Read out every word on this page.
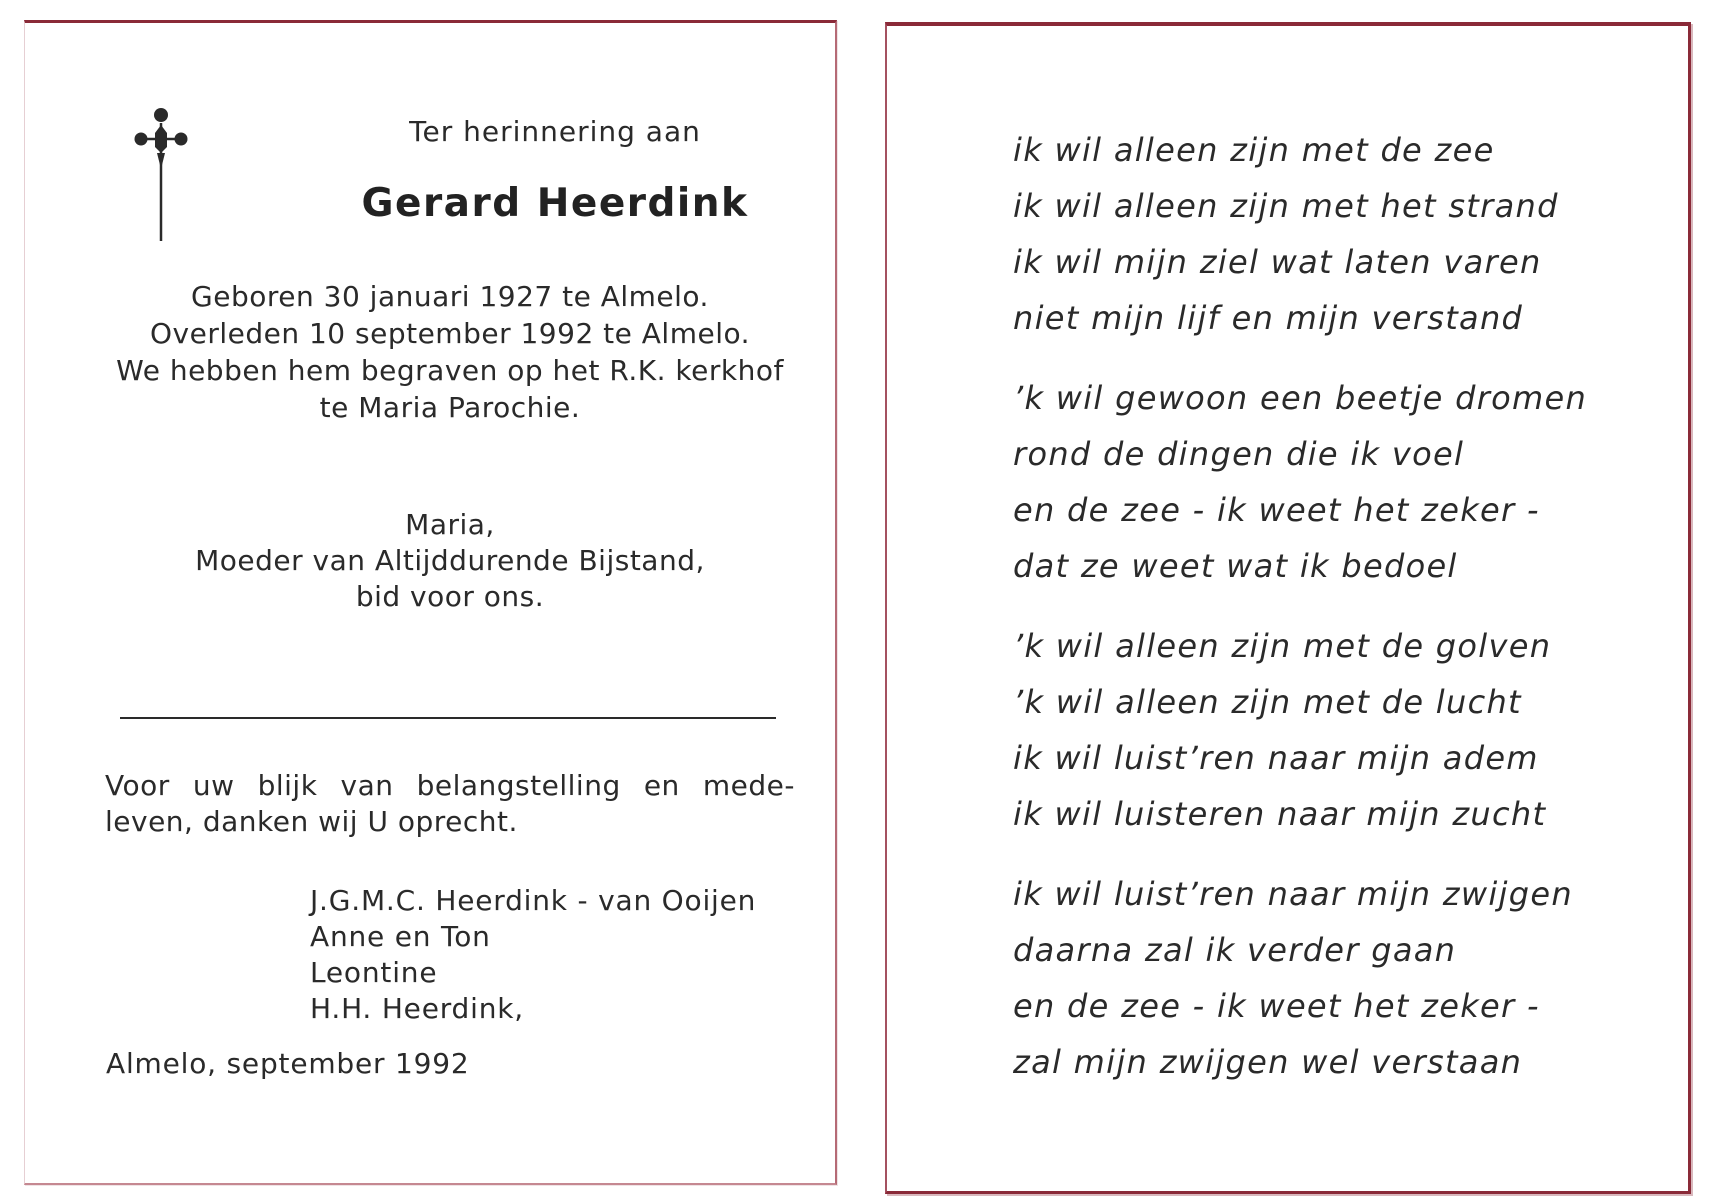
Ter herinnering aan
Gerard Heerdink
Geboren 30 januari 1927 te Almelo.
Overleden 10 september 1992 te Almelo.
We hebben hem begraven op het R.K. kerkhof
te Maria Parochie.
Maria,
Moeder van Altijddurende Bijstand,
bid voor ons.
Voor uw blijk van belangstelling en mede-leven, danken wij U oprecht.
J.G.M.C. Heerdink - van Ooijen
Anne en Ton
Leontine
H.H. Heerdink,
Almelo, september 1992
ik wil alleen zijn met de zee
ik wil alleen zijn met het strand
ik wil mijn ziel wat laten varen
niet mijn lijf en mijn verstand
’k wil gewoon een beetje dromen
rond de dingen die ik voel
en de zee - ik weet het zeker -
dat ze weet wat ik bedoel
’k wil alleen zijn met de golven
’k wil alleen zijn met de lucht
ik wil luist’ren naar mijn adem
ik wil luisteren naar mijn zucht
ik wil luist’ren naar mijn zwijgen
daarna zal ik verder gaan
en de zee - ik weet het zeker -
zal mijn zwijgen wel verstaan
